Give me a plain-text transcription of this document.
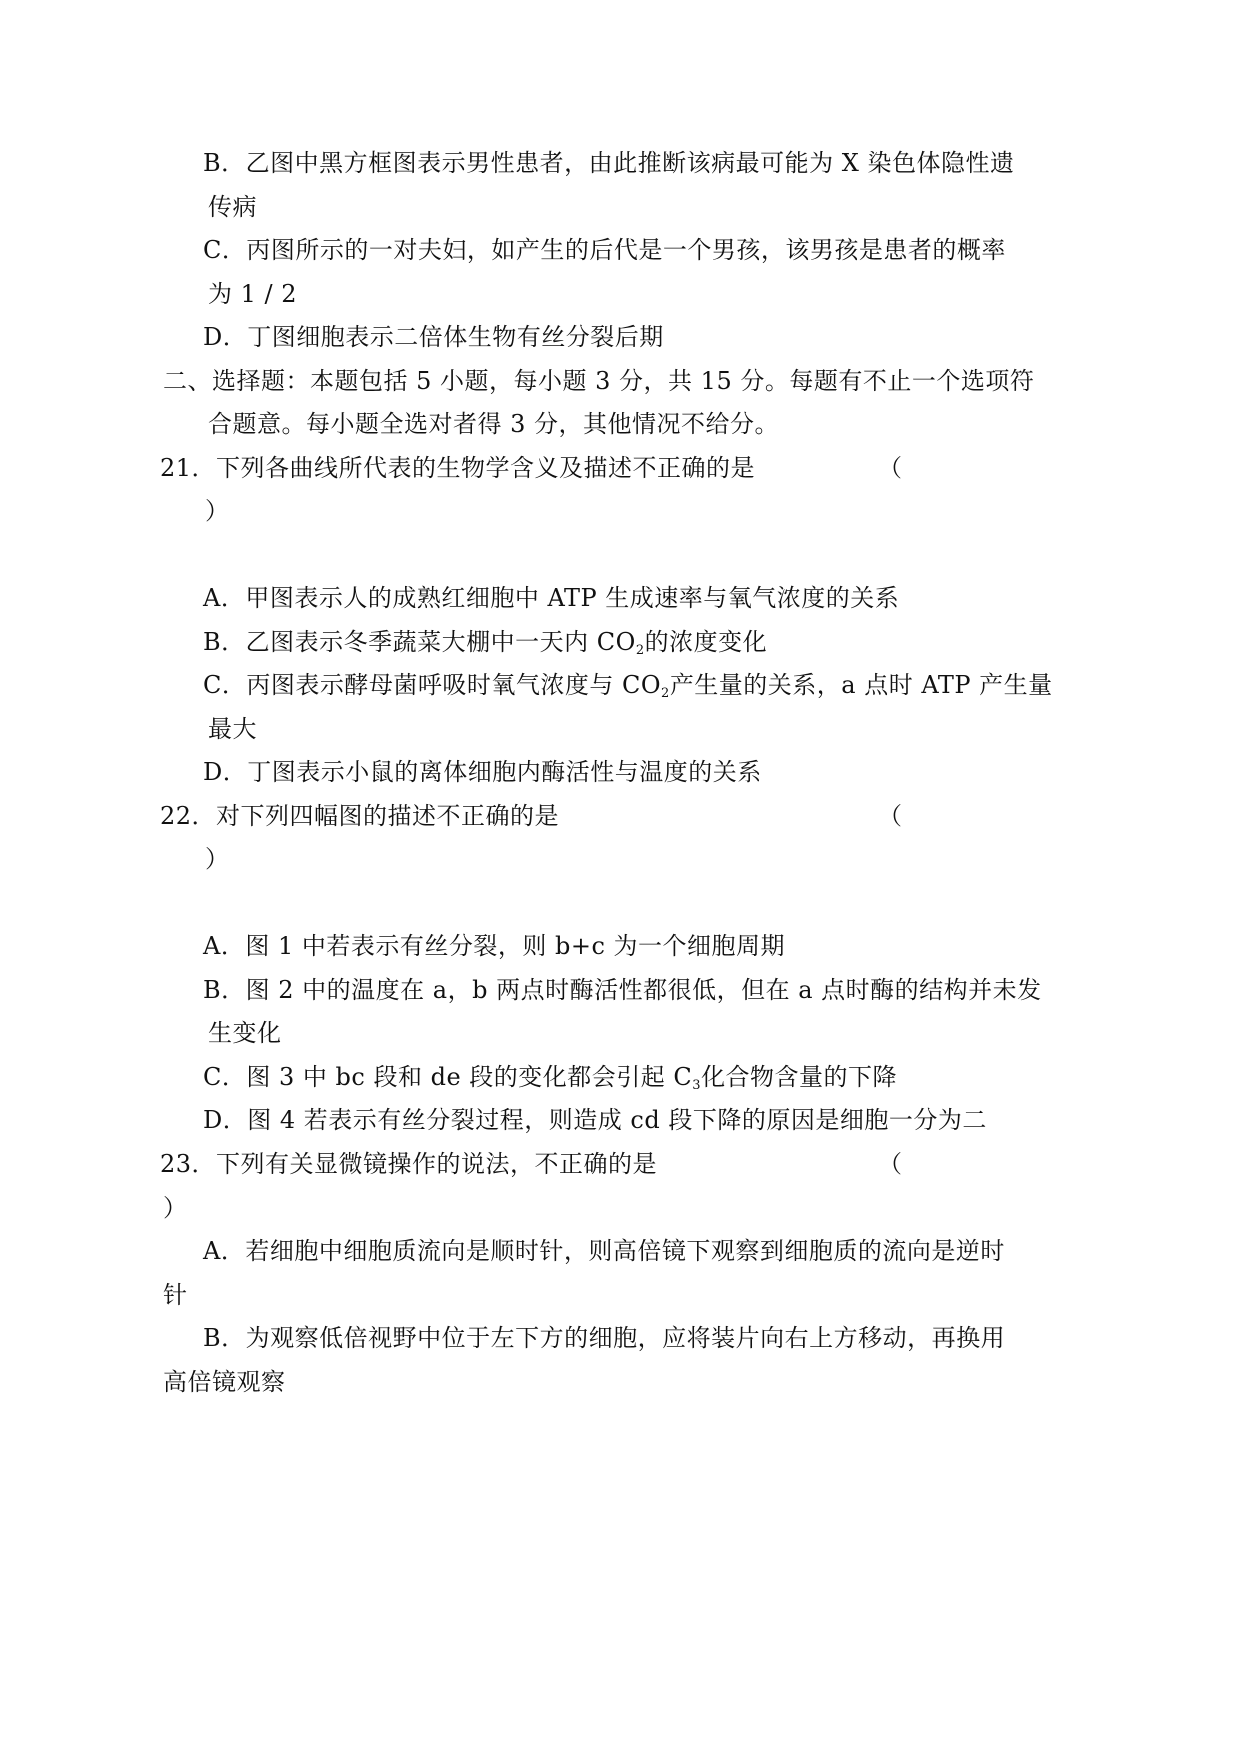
B．乙图中黑方框图表示男性患者，由此推断该病最可能为 X 染色体隐性遗
传病
C．丙图所示的一对夫妇，如产生的后代是一个男孩，该男孩是患者的概率
为 1 / 2
D．丁图细胞表示二倍体生物有丝分裂后期
二、选择题：本题包括 5 小题，每小题 3 分，共 15 分。每题有不止一个选项符
合题意。每小题全选对者得 3 分，其他情况不给分。
21．下列各曲线所代表的生物学含义及描述不正确的是	（
）
A．甲图表示人的成熟红细胞中 ATP 生成速率与氧气浓度的关系
B．乙图表示冬季蔬菜大棚中一天内 $CO_2$的浓度变化
C．丙图表示酵母菌呼吸时氧气浓度与 $CO_2$产生量的关系，a 点时 ATP 产生量
最大
D．丁图表示小鼠的离体细胞内酶活性与温度的关系
22．对下列四幅图的描述不正确的是	（
）
A．图 1 中若表示有丝分裂，则 b+c 为一个细胞周期
B．图 2 中的温度在 a，b 两点时酶活性都很低，但在 a 点时酶的结构并未发
生变化
C．图 3 中 bc 段和 de 段的变化都会引起 $C_3$化合物含量的下降
D．图 4 若表示有丝分裂过程，则造成 cd 段下降的原因是细胞一分为二
23．下列有关显微镜操作的说法，不正确的是	（
）
A．若细胞中细胞质流向是顺时针，则高倍镜下观察到细胞质的流向是逆时
针
B．为观察低倍视野中位于左下方的细胞，应将装片向右上方移动，再换用
高倍镜观察
